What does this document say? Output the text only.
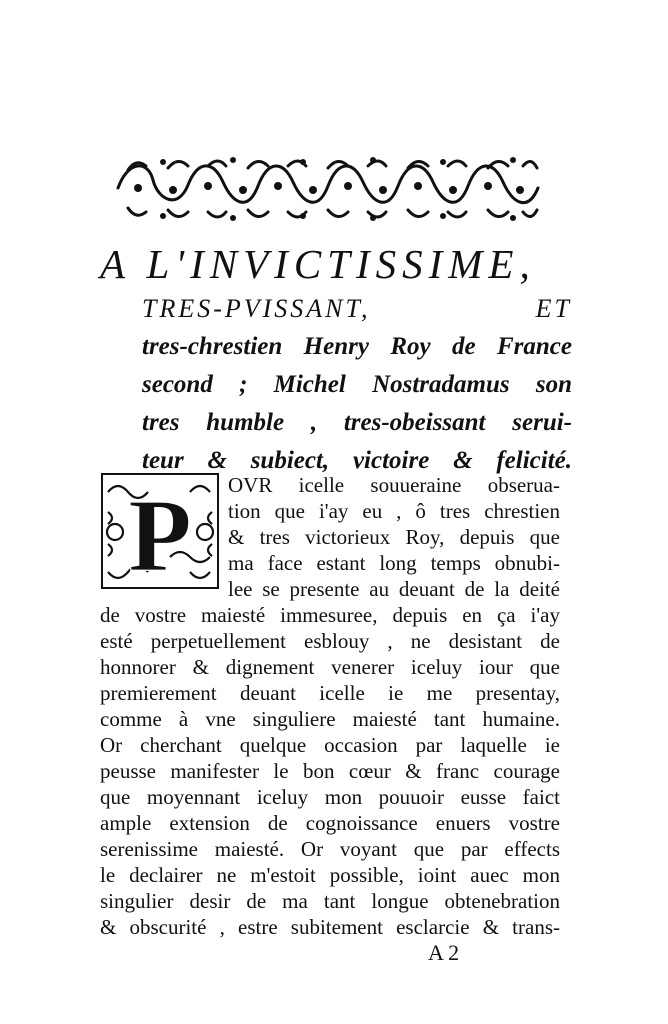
A L'INVICTISSIME,
TRES-PVISSANT, ET
tres-chrestien Henry Roy de France
second ; Michel Nostradamus son
tres humble , tres-obeissant serui-
teur & subiect, victoire & felicité.
P OVR icelle souueraine obserua-
tion que i'ay eu , ô tres chrestien
& tres victorieux Roy, depuis que
ma face estant long temps obnubi-
lee se presente au deuant de la deité
de vostre maiesté immesuree, depuis en ça i'ay
esté perpetuellement esblouy , ne desistant de
honnorer & dignement venerer iceluy iour que
premierement deuant icelle ie me presentay,
comme à vne singuliere maiesté tant humaine.
Or cherchant quelque occasion par laquelle ie
peusse manifester le bon cœur & franc courage
que moyennant iceluy mon pouuoir eusse faict
ample extension de cognoissance enuers vostre
serenissime maiesté. Or voyant que par effects
le declairer ne m'estoit possible, ioint auec mon
singulier desir de ma tant longue obtenebration
& obscurité , estre subitement esclarcie & trans-
A 2
